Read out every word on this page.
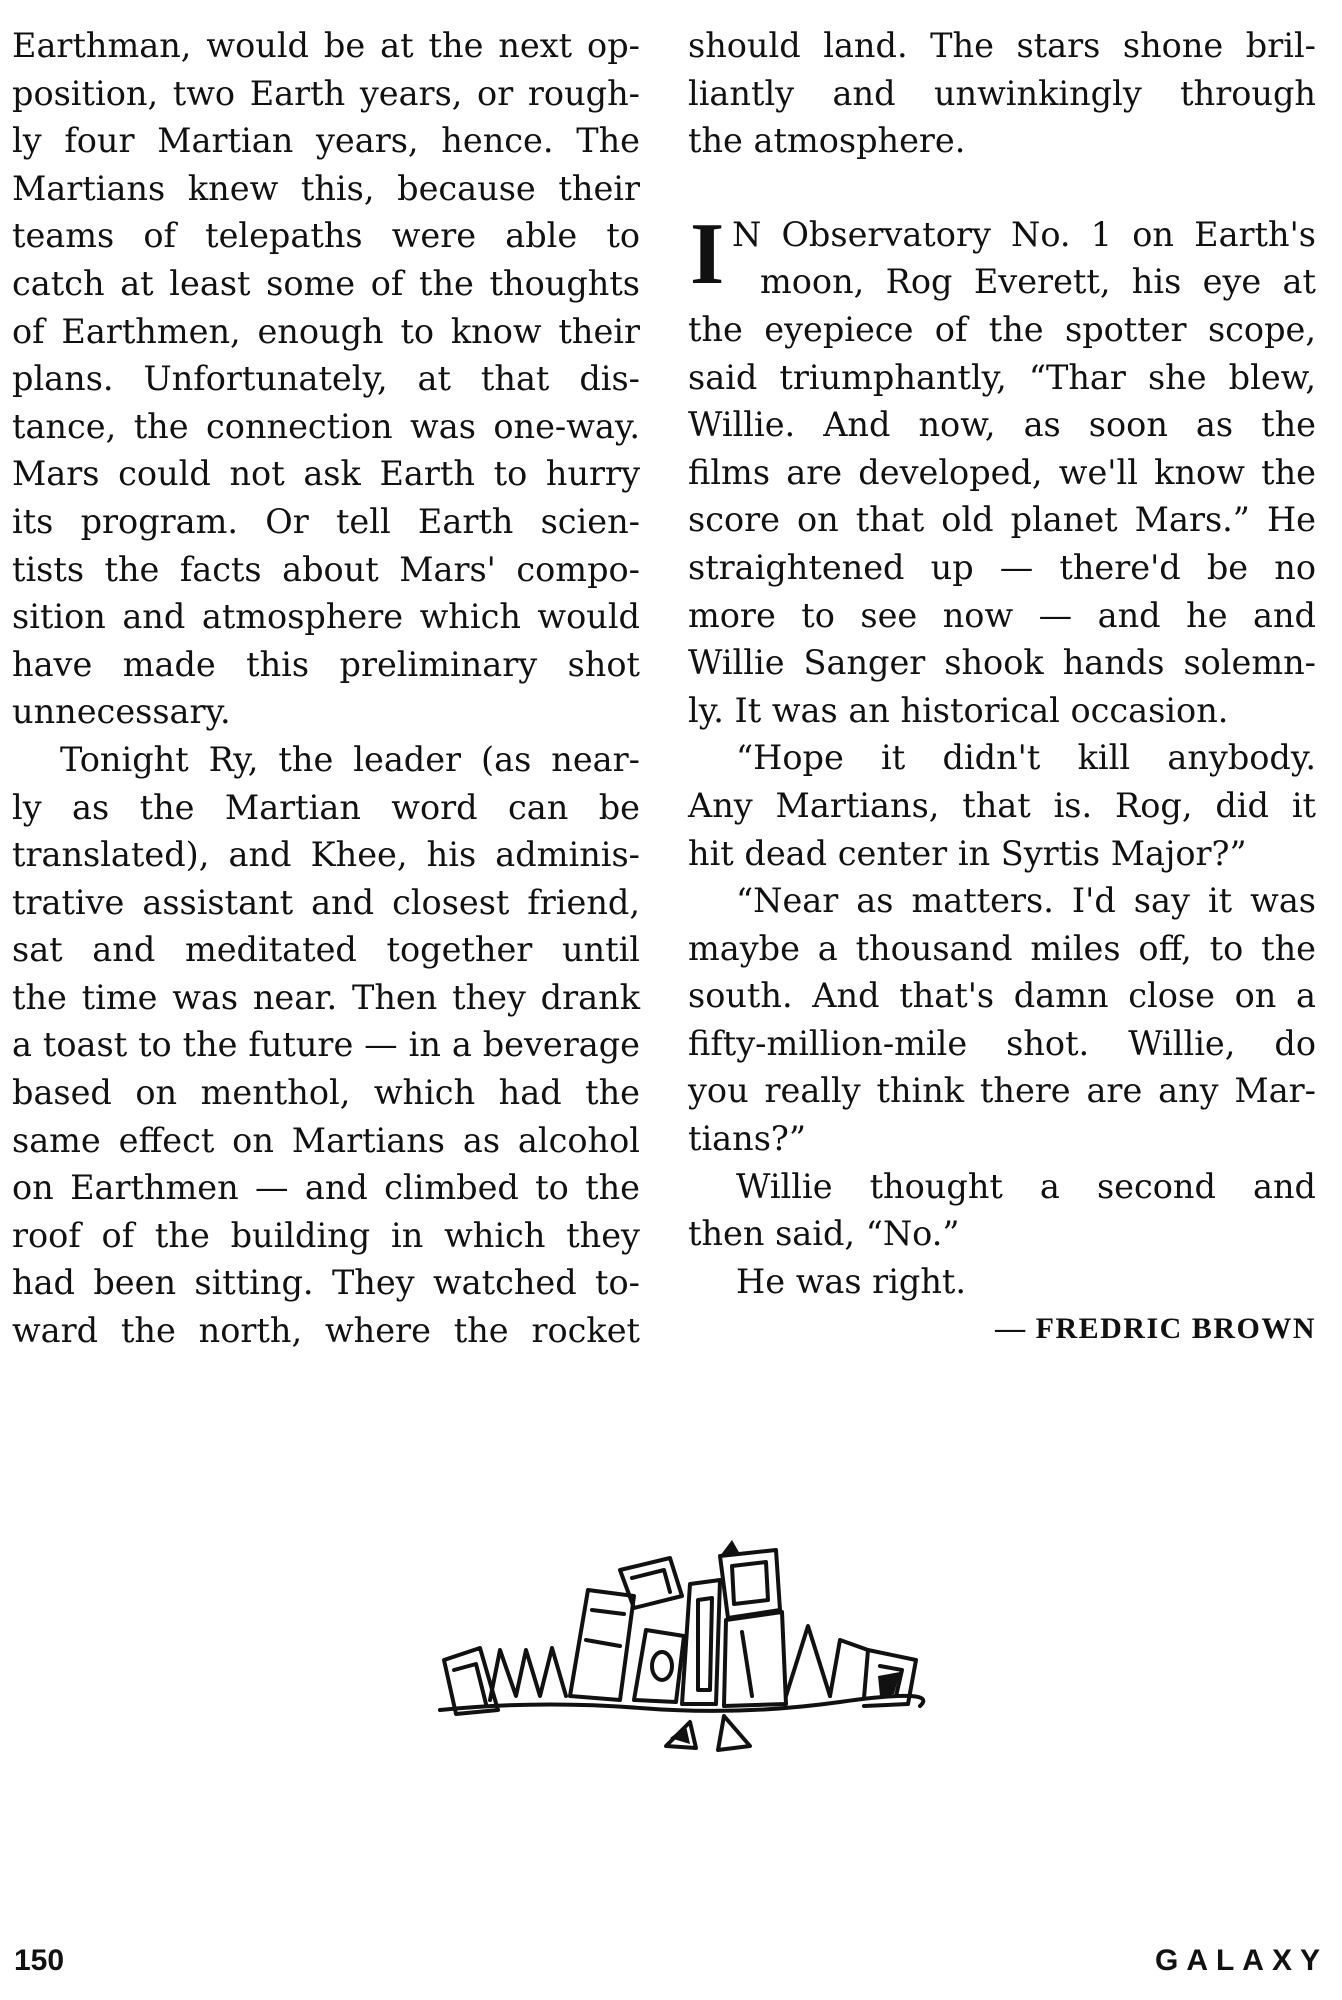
Earthman, would be at the next op-
position, two Earth years, or rough-
ly four Martian years, hence. The
Martians knew this, because their
teams of telepaths were able to
catch at least some of the thoughts
of Earthmen, enough to know their
plans. Unfortunately, at that dis-
tance, the connection was one-way.
Mars could not ask Earth to hurry
its program. Or tell Earth scien-
tists the facts about Mars' compo-
sition and atmosphere which would
have made this preliminary shot
unnecessary.
Tonight Ry, the leader (as near-
ly as the Martian word can be
translated), and Khee, his adminis-
trative assistant and closest friend,
sat and meditated together until
the time was near. Then they drank
a toast to the future — in a beverage
based on menthol, which had the
same effect on Martians as alcohol
on Earthmen — and climbed to the
roof of the building in which they
had been sitting. They watched to-
ward the north, where the rocket
should land. The stars shone bril-
liantly and unwinkingly through
the atmosphere.
I N Observatory No. 1 on Earth's
moon, Rog Everett, his eye at
the eyepiece of the spotter scope,
said triumphantly, “Thar she blew,
Willie. And now, as soon as the
films are developed, we'll know the
score on that old planet Mars.” He
straightened up — there'd be no
more to see now — and he and
Willie Sanger shook hands solemn-
ly. It was an historical occasion.
“Hope it didn't kill anybody.
Any Martians, that is. Rog, did it
hit dead center in Syrtis Major?”
“Near as matters. I'd say it was
maybe a thousand miles off, to the
south. And that's damn close on a
fifty-million-mile shot. Willie, do
you really think there are any Mar-
tians?”
Willie thought a second and
then said, “No.”
He was right.
— FREDRIC BROWN
150	GALAXY
